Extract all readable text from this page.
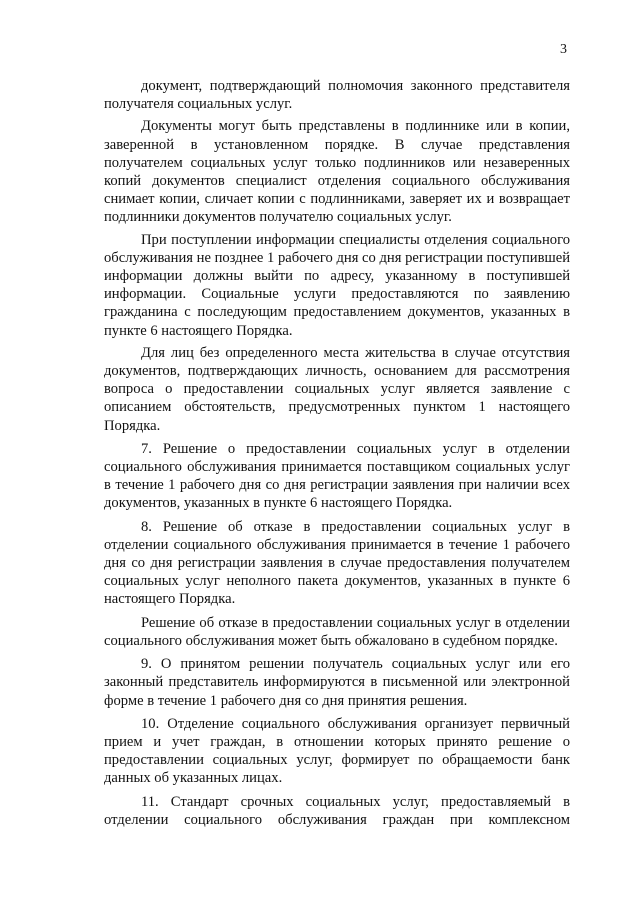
3

документ, подтверждающий полномочия законного представителя получателя социальных услуг.

Документы могут быть представлены в подлиннике или в копии, заверенной в установленном порядке. В случае представления получателем социальных услуг только подлинников или незаверенных копий документов специалист отделения социального обслуживания снимает копии, сличает копии с подлинниками, заверяет их и возвращает подлинники документов получателю социальных услуг.

При поступлении информации специалисты отделения социального обслуживания не позднее 1 рабочего дня со дня регистрации поступившей информации должны выйти по адресу, указанному в поступившей информации. Социальные услуги предоставляются по заявлению гражданина с последующим предоставлением документов, указанных в пункте 6 настоящего Порядка.

Для лиц без определенного места жительства в случае отсутствия документов, подтверждающих личность, основанием для рассмотрения вопроса о предоставлении социальных услуг является заявление с описанием обстоятельств, предусмотренных пунктом 1 настоящего Порядка.

7. Решение о предоставлении социальных услуг в отделении социального обслуживания принимается поставщиком социальных услуг в течение 1 рабочего дня со дня регистрации заявления при наличии всех документов, указанных в пункте 6 настоящего Порядка.

8. Решение об отказе в предоставлении социальных услуг в отделении социального обслуживания принимается в течение 1 рабочего дня со дня регистрации заявления в случае предоставления получателем социальных услуг неполного пакета документов, указанных в пункте 6 настоящего Порядка.

Решение об отказе в предоставлении социальных услуг в отделении социального обслуживания может быть обжаловано в судебном порядке.

9. О принятом решении получатель социальных услуг или его законный представитель информируются в письменной или электронной форме в течение 1 рабочего дня со дня принятия решения.

10. Отделение социального обслуживания организует первичный прием и учет граждан, в отношении которых принято решение о предоставлении социальных услуг, формирует по обращаемости банк данных об указанных лицах.

11. Стандарт срочных социальных услуг, предоставляемый в отделении социального обслуживания граждан при комплексном
